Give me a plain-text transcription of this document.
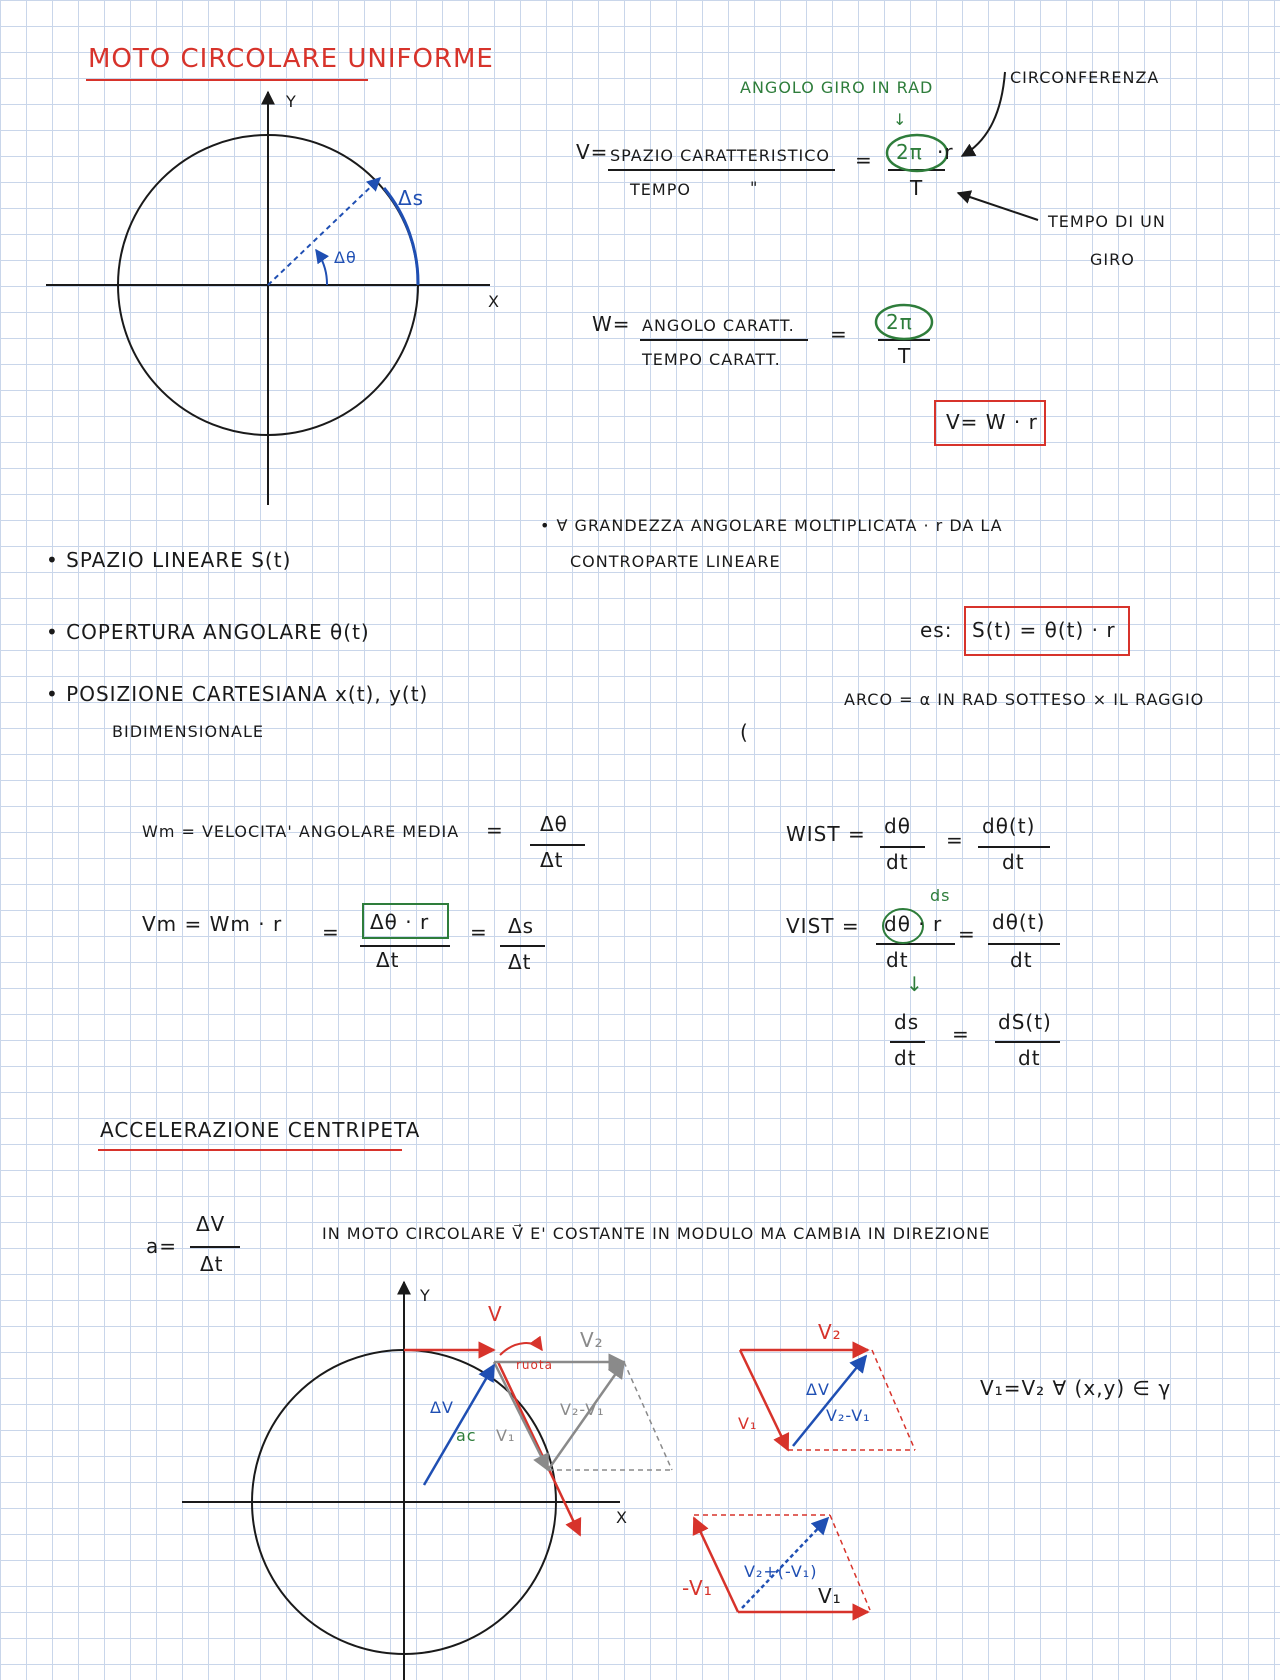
MOTO CIRCOLARE UNIFORME
Y
X
Δs
Δθ
ANGOLO GIRO IN RAD
↓
CIRCONFERENZA
V= SPAZIO CARATTERISTICO
TEMPO	"
= 2π ·r
T
TEMPO DI UN
GIRO
W= ANGOLO CARATT.
TEMPO CARATT.
= 2π
T
V= W · r
• ∀ GRANDEZZA ANGOLARE MOLTIPLICATA · r DA LA
CONTROPARTE LINEARE
• SPAZIO LINEARE S(t)
• COPERTURA ANGOLARE θ(t)
• POSIZIONE CARTESIANA x(t), y(t)
BIDIMENSIONALE
es: S(t) = θ(t) · r
ARCO = α IN RAD SOTTESO × IL RAGGIO
(
Wm = VELOCITA' ANGOLARE MEDIA = Δθ
Δt
Vm = Wm · r = Δθ · r
Δt
= Δs
Δt
WIST = dθ
dt
=
dθ(t)
dt
ds
VIST = dθ · r
dt
= dθ(t)
dt
↓
ds
dt
= dS(t)
dt
ACCELERAZIONE CENTRIPETA
a=
ΔV
Δt
IN MOTO CIRCOLARE V⃗ E' COSTANTE IN MODULO MA CAMBIA IN DIREZIONE
Y
X
V
V₂
V₁
ΔV
ac
V₂-V₁
ruota
V₂
V₁
ΔV
V₂-V₁
-V₁
V₂+(-V₁)
V₁
V₁=V₂ ∀ (x,y) ∈ γ
